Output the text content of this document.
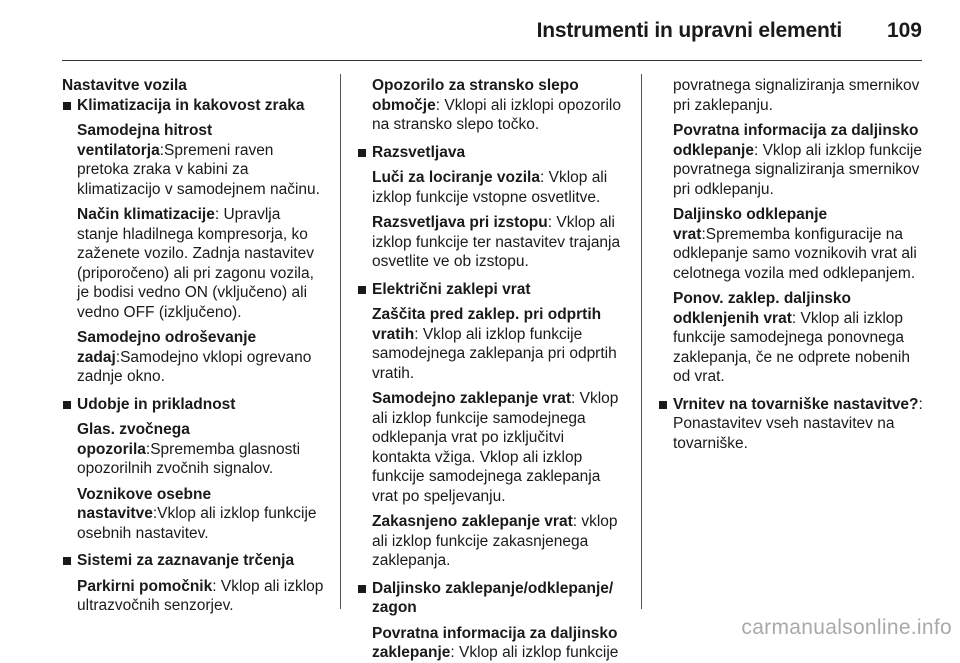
Instrumenti in upravni elementi 109
Nastavitve vozila
Klimatizacija in kakovost zraka
Samodejna hitrost ventilatorja:Spremeni raven pretoka zraka v kabini za klimatizacijo v samodejnem načinu.
Način klimatizacije: Upravlja stanje hladilnega kompresorja, ko zaženete vozilo. Zadnja nastavitev (priporočeno) ali pri zagonu vozila, je bodisi vedno ON (vključeno) ali vedno OFF (izključeno).
Samodejno odroševanje zadaj:Samodejno vklopi ogrevano zadnje okno.
Udobje in prikladnost
Glas. zvočnega opozorila:Sprememba glasnosti opozorilnih zvočnih signalov.
Voznikove osebne nastavitve:Vklop ali izklop funkcije osebnih nastavitev.
Sistemi za zaznavanje trčenja
Parkirni pomočnik: Vklop ali izklop ultrazvočnih senzorjev.
Opozorilo za stransko slepo območje: Vklopi ali izklopi opozorilo na stransko slepo točko.
Razsvetljava
Luči za lociranje vozila: Vklop ali izklop funkcije vstopne osvetlitve.
Razsvetljava pri izstopu: Vklop ali izklop funkcije ter nastavitev trajanja osvetlite ve ob izstopu.
Električni zaklepi vrat
Zaščita pred zaklep. pri odprtih vratih: Vklop ali izklop funkcije samodejnega zaklepanja pri odprtih vratih.
Samodejno zaklepanje vrat: Vklop ali izklop funkcije samodejnega odklepanja vrat po izključitvi kontakta vžiga. Vklop ali izklop funkcije samodejnega zaklepanja vrat po speljevanju.
Zakasnjeno zaklepanje vrat: vklop ali izklop funkcije zakasnjenega zaklepanja.
Daljinsko zaklepanje/odklepanje/ zagon
Povratna informacija za daljinsko zaklepanje: Vklop ali izklop funkcije
povratnega signaliziranja smernikov pri zaklepanju.
Povratna informacija za daljinsko odklepanje: Vklop ali izklop funkcije povratnega signaliziranja smernikov pri odklepanju.
Daljinsko odklepanje vrat:Sprememba konfiguracije na odklepanje samo voznikovih vrat ali celotnega vozila med odklepanjem.
Ponov. zaklep. daljinsko odklenjenih vrat: Vklop ali izklop funkcije samodejnega ponovnega zaklepanja, če ne odprete nobenih od vrat.
Vrnitev na tovarniške nastavitve?: Ponastavitev vseh nastavitev na tovarniške.
carmanualsonline.info
